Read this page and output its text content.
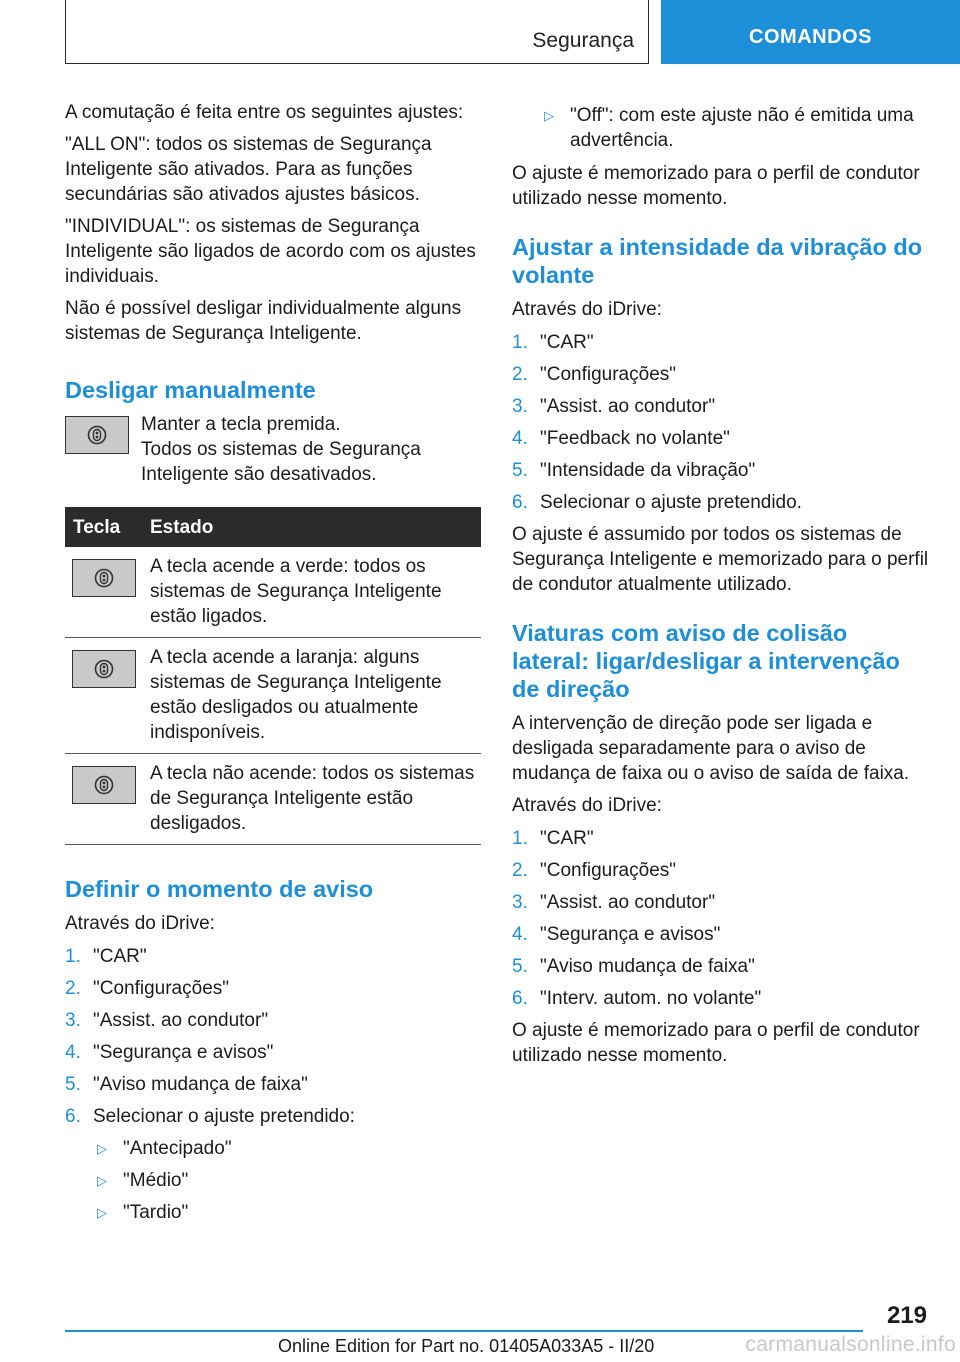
Segurança	COMANDOS

A comutação é feita entre os seguintes ajustes:

"ALL ON": todos os sistemas de Segurança Inteligente são ativados. Para as funções secundárias são ativados ajustes básicos.

"INDIVIDUAL": os sistemas de Segurança Inteligente são ligados de acordo com os ajustes individuais.

Não é possível desligar individualmente alguns sistemas de Segurança Inteligente.

Desligar manualmente

Manter a tecla premida.

Todos os sistemas de Segurança Inteligente são desativados.

Tecla	Estado

	A tecla acende a verde: todos os sistemas de Segurança Inteligente estão ligados.

	A tecla acende a laranja: alguns sistemas de Segurança Inteligente estão desligados ou atualmente indisponíveis.

	A tecla não acende: todos os sistemas de Segurança Inteligente estão desligados.
Definir o momento de aviso

Através do iDrive:

1. "CAR"
2. "Configurações"
3. "Assist. ao condutor"
4. "Segurança e avisos"
5. "Aviso mudança de faixa"
6. Selecionar o ajuste pretendido:
▷ "Antecipado"
▷ "Médio"
▷ "Tardio"
▷ "Off": com este ajuste não é emitida uma advertência.

O ajuste é memorizado para o perfil de condutor utilizado nesse momento.

Ajustar a intensidade da vibração do volante

Através do iDrive:

1. "CAR"
2. "Configurações"
3. "Assist. ao condutor"
4. "Feedback no volante"
5. "Intensidade da vibração"
6. Selecionar o ajuste pretendido.

O ajuste é assumido por todos os sistemas de Segurança Inteligente e memorizado para o perfil de condutor atualmente utilizado.

Viaturas com aviso de colisão lateral: ligar/desligar a intervenção de direção

A intervenção de direção pode ser ligada e desligada separadamente para o aviso de mudança de faixa ou o aviso de saída de faixa.

Através do iDrive:

1. "CAR"
2. "Configurações"
3. "Assist. ao condutor"
4. "Segurança e avisos"
5. "Aviso mudança de faixa"
6. "Interv. autom. no volante"

O ajuste é memorizado para o perfil de condutor utilizado nesse momento.

219
Online Edition for Part no. 01405A033A5 - II/20	carmanualsonline.info
